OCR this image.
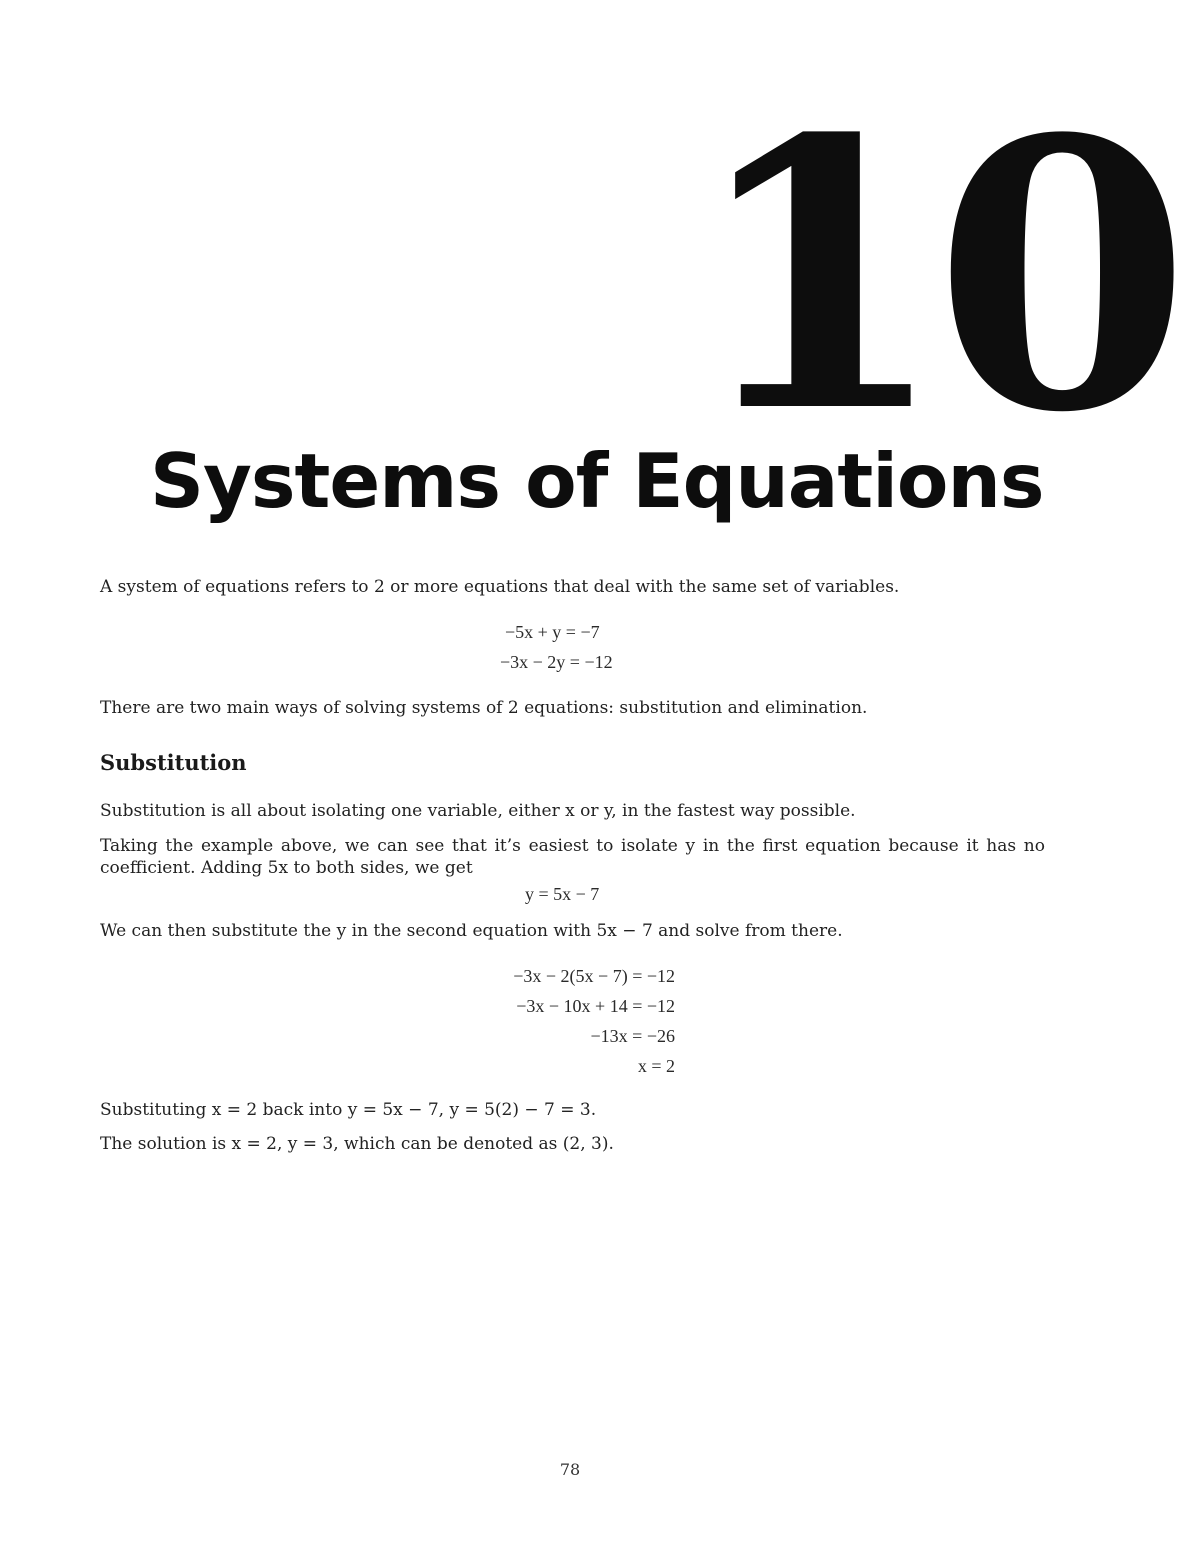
10
Systems of Equations
A system of equations refers to 2 or more equations that deal with the same set of variables.
−5x + y = −7
−3x − 2y = −12
There are two main ways of solving systems of 2 equations: substitution and elimination.
Substitution
Substitution is all about isolating one variable, either x or y, in the fastest way possible.
Taking the example above, we can see that it’s easiest to isolate y in the first equation because it has no coefficient. Adding 5x to both sides, we get
y = 5x − 7
We can then substitute the y in the second equation with 5x − 7 and solve from there.
−3x − 2(5x − 7) = −12
−3x − 10x + 14 = −12
−13x = −26
x = 2
Substituting x = 2 back into y = 5x − 7, y = 5(2) − 7 = 3.
The solution is x = 2, y = 3, which can be denoted as (2, 3).
78
